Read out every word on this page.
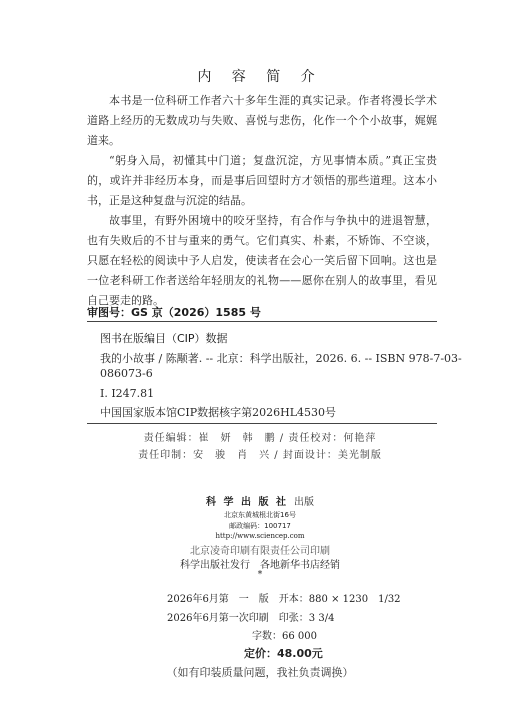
内 容 简 介

本书是一位科研工作者六十多年生涯的真实记录。作者将漫长学术道路上经历的无数成功与失败、喜悦与悲伤，化作一个个小故事，娓娓道来。

“躬身入局，初懂其中门道；复盘沉淀，方见事情本质。”真正宝贵的，或许并非经历本身，而是事后回望时方才领悟的那些道理。这本小书，正是这种复盘与沉淀的结晶。

故事里，有野外困境中的咬牙坚持，有合作与争执中的进退智慧，也有失败后的不甘与重来的勇气。它们真实、朴素，不矫饰、不空谈，只愿在轻松的阅读中予人启发，使读者在会心一笑后留下回响。这也是一位老科研工作者送给年轻朋友的礼物——愿你在别人的故事里，看见自己要走的路。

审图号：GS 京（2026）1585 号
图书在版编目（CIP）数据
我的小故事 / 陈颙著. -- 北京：科学出版社，2026. 6. -- ISBN 978-7-03-
086073-6
Ⅰ. I247.81
中国国家版本馆CIP数据核字第2026HL4530号
责任编辑：崔　妍　韩　鹏 / 责任校对：何艳萍
责任印制：安　骏　肖　兴 / 封面设计：美光制版
科 学 出 版 社 出版
北京东黄城根北街16号
邮政编码：100717
http://www.sciencep.com
北京凌奇印刷有限责任公司印刷
科学出版社发行　各地新华书店经销
*
2026年6月第　一　版　开本：880 × 1230　1/32
2026年6月第一次印刷　印张：3 3/4
字数：66 000
定价：48.00元
（如有印装质量问题，我社负责调换）
